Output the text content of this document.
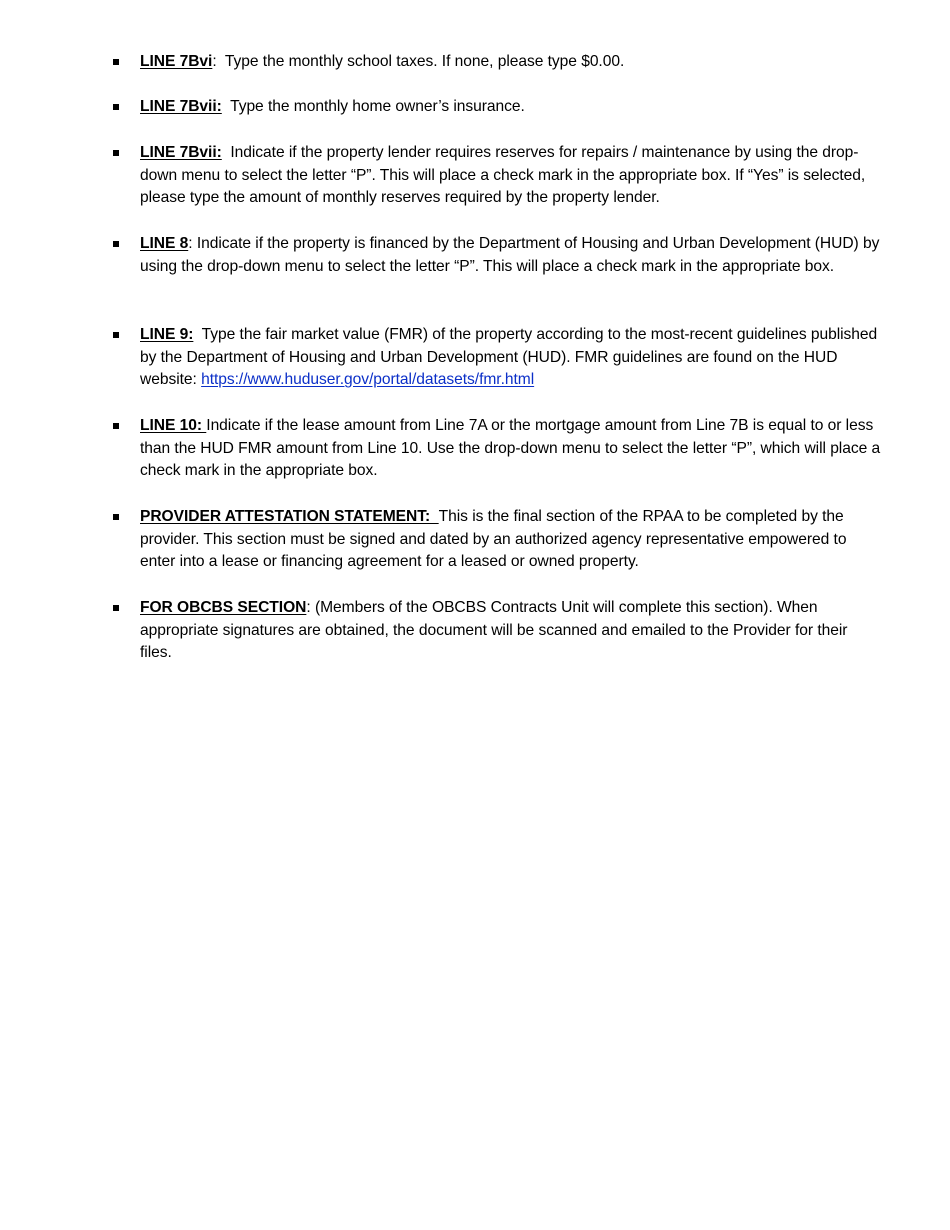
LINE 7Bvi:  Type the monthly school taxes. If none, please type $0.00.
LINE 7Bvii: Type the monthly home owner’s insurance.
LINE 7Bvii: Indicate if the property lender requires reserves for repairs / maintenance by using the drop-down menu to select the letter “P”. This will place a check mark in the appropriate box. If “Yes” is selected, please type the amount of monthly reserves required by the property lender.
LINE 8: Indicate if the property is financed by the Department of Housing and Urban Development (HUD) by using the drop-down menu to select the letter “P”. This will place a check mark in the appropriate box.
LINE 9: Type the fair market value (FMR) of the property according to the most-recent guidelines published by the Department of Housing and Urban Development (HUD). FMR guidelines are found on the HUD website: https://www.huduser.gov/portal/datasets/fmr.html
LINE 10: Indicate if the lease amount from Line 7A or the mortgage amount from Line 7B is equal to or less than the HUD FMR amount from Line 10. Use the drop-down menu to select the letter “P”, which will place a check mark in the appropriate box.
PROVIDER ATTESTATION STATEMENT:  This is the final section of the RPAA to be completed by the provider. This section must be signed and dated by an authorized agency representative empowered to enter into a lease or financing agreement for a leased or owned property.
FOR OBCBS SECTION: (Members of the OBCBS Contracts Unit will complete this section). When appropriate signatures are obtained, the document will be scanned and emailed to the Provider for their files.
